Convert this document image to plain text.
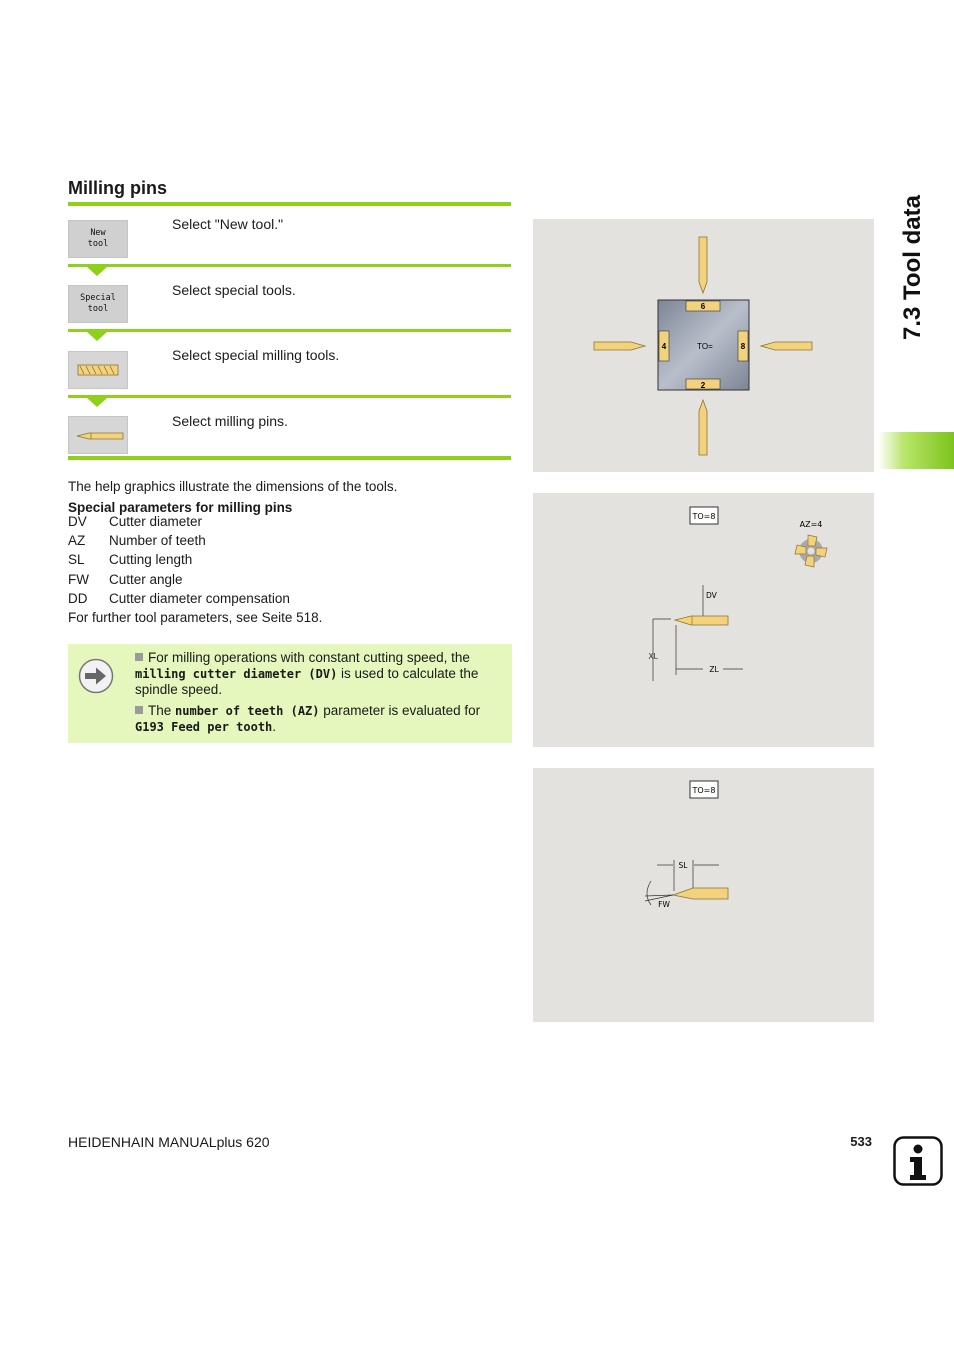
Milling pins
New
tool
Select "New tool."
Special
tool
Select special tools.
Select special milling tools.
Select milling pins.
The help graphics illustrate the dimensions of the tools.
Special parameters for milling pins
DV Cutter diameter
AZ Number of teeth
SL Cutting length
FW Cutter angle
DD Cutter diameter compensation
For further tool parameters, see Seite 518.
For milling operations with constant cutting speed, the milling cutter diameter (DV) is used to calculate the spindle speed.
The number of teeth (AZ) parameter is evaluated for G193 Feed per tooth.
6
2
4	8
TO=
TO=8
AZ=4
DV
XL
ZL
TO=8
SL
FW
7.3 Tool data
HEIDENHAIN MANUALplus 620	533
